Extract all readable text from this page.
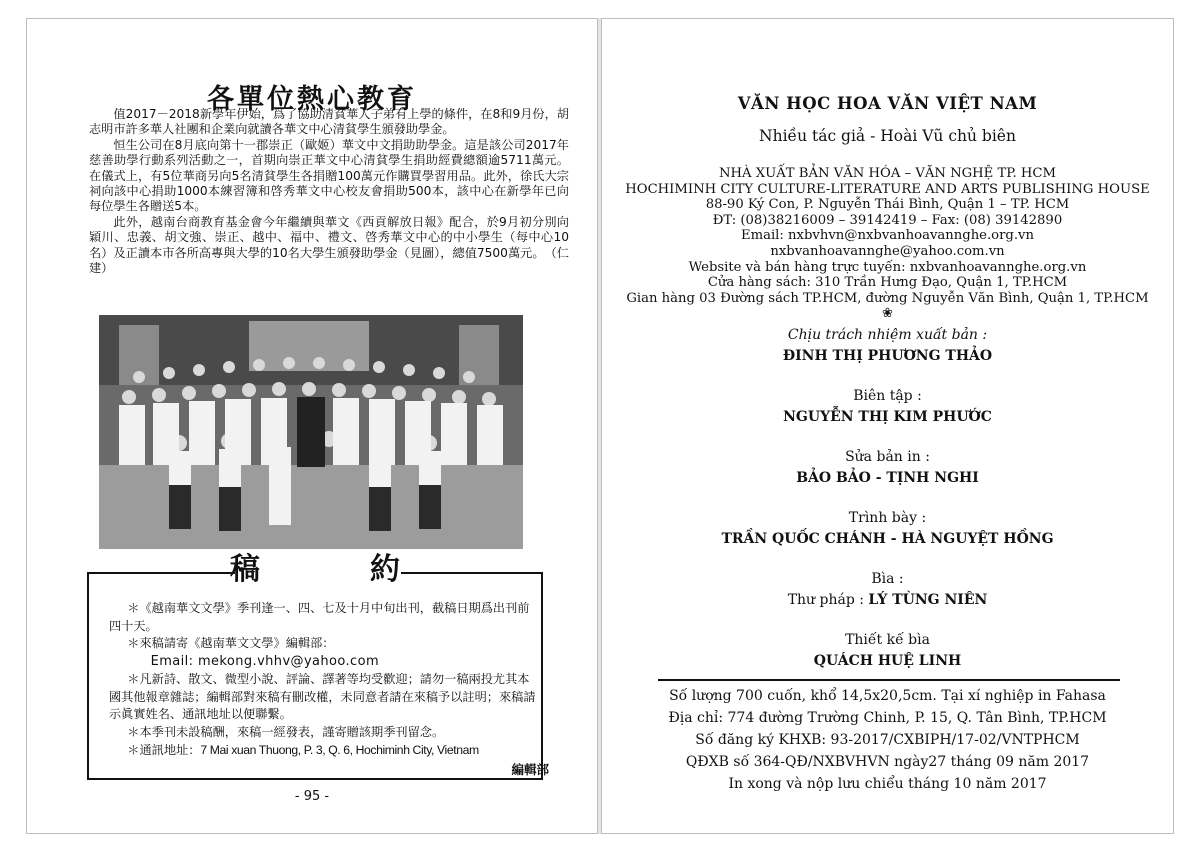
各單位熱心教育

值2017－2018新學年伊始，爲了協助清貧華人子弟有上學的條件，在8和9月份，胡志明市許多華人社團和企業向就讀各華文中心清貧學生頒發助學金。

恒生公司在8月底向第十一郡崇正（歐姬）華文中文捐助助學金。這是該公司2017年慈善助學行動系列活動之一，首期向崇正華文中心清貧學生捐助經費總額逾5711萬元。在儀式上，有5位華商另向5名清貧學生各捐贈100萬元作購買學習用品。此外，徐氏大宗祠向該中心捐助1000本練習簿和啓秀華文中心校友會捐助500本，該中心在新學年已向每位學生各贈送5本。

此外，越南台商教育基金會今年繼續與華文《西貢解放日報》配合，於9月初分別向穎川、忠義、胡文強、崇正、越中、福中、禮文、啓秀華文中心的中小學生（每中心10名）及正讀本市各所高專與大學的10名大學生頒發助學金（見圖），總值7500萬元。　（仁建）

稿　約
＊《越南華文文學》季刊逢一、四、七及十月中旬出刊，截稿日期爲出刊前四十天。
＊來稿請寄《越南華文文學》編輯部：
Email: mekong.vhhv@yahoo.com
＊凡新詩、散文、微型小說、評論、譯著等均受歡迎；請勿一稿兩投尤其本國其他報章雜誌；編輯部對來稿有刪改權，未同意者請在來稿予以註明；來稿請示眞實姓名、通訊地址以便聯繫。
＊本季刊未設稿酬，來稿一經發表，謹寄贈該期季刊留念。
＊通訊地址：7 Mai xuan Thuong, P. 3, Q. 6, Hochiminh City, Vietnam
編輯部
- 95 -
VĂN HỌC HOA VĂN VIỆT NAM
Nhiều tác giả - Hoài Vũ chủ biên
NHÀ XUẤT BẢN VĂN HÓA – VĂN NGHỆ TP. HCM
HOCHIMINH CITY CULTURE-LITERATURE AND ARTS PUBLISHING HOUSE
88-90 Ký Con, P. Nguyễn Thái Bình, Quận 1 – TP. HCM
ĐT: (08)38216009 – 39142419 – Fax: (08) 39142890
Email: nxbvhvn@nxbvanhoavannghe.org.vn
nxbvanhoavannghe@yahoo.com.vn
Website và bán hàng trực tuyến: nxbvanhoavannghe.org.vn
Cửa hàng sách: 310 Trần Hưng Đạo, Quận 1, TP.HCM
Gian hàng 03 Đường sách TP.HCM, đường Nguyễn Văn Bình, Quận 1, TP.HCM
❀
Chịu trách nhiệm xuất bản :
ĐINH THỊ PHƯƠNG THẢO
Biên tập :
NGUYỄN THỊ KIM PHƯỚC
Sửa bản in :
BẢO BẢO - TỊNH NGHI
Trình bày :
TRẦN QUỐC CHÁNH - HÀ NGUYỆT HỒNG
Bìa :
Thư pháp : LÝ TÙNG NIÊN
Thiết kế bìa
QUÁCH HUỆ LINH
Số lượng 700 cuốn, khổ 14,5x20,5cm. Tại xí nghiệp in Fahasa
Địa chỉ: 774 đường Trường Chinh, P. 15, Q. Tân Bình, TP.HCM
Số đăng ký KHXB: 93-2017/CXBIPH/17-02/VNTPHCM
QĐXB số 364-QĐ/NXBVHVN ngày27 tháng 09 năm 2017
In xong và nộp lưu chiểu tháng 10 năm 2017
